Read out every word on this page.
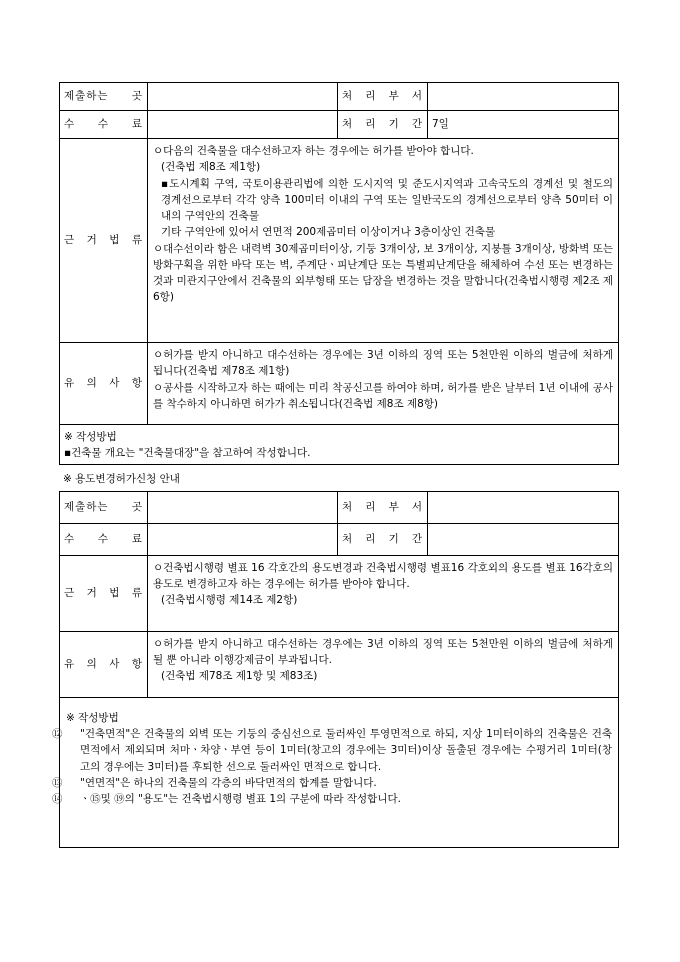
제출하는 곳		처 리 부 서	
수 수 료		처 리 기 간	7일
근 거 법 류	ㅇ다음의 건축물을 대수선하고자 하는 경우에는 허가를 받아야 합니다.

(건축법 제8조 제1항)

▪도시계획 구역, 국토이용관리법에 의한 도시지역 및 준도시지역과 고속국도의 경계선 및 철도의 경계선으로부터 각각 양측 100미터 이내의 구역 또는 일반국도의 경계선으로부터 양측 50미터 이내의 구역안의 건축물

기타 구역안에 있어서 연면적 200제곱미터 이상이거나 3층이상인 건축물

ㅇ대수선이라 함은 내력벽 30제곱미터이상, 기둥 3개이상, 보 3개이상, 지붕틀 3개이상, 방화벽 또는 방화구획을 위한 바닥 또는 벽, 주계단ㆍ피난계단 또는 특별피난계단을 해체하여 수선 또는 변경하는 것과 미관지구안에서 건축물의 외부형태 또는 담장을 변경하는 것을 말합니다(건축법시행령 제2조 제6항)		

유 의 사 항	ㅇ허가를 받지 아니하고 대수선하는 경우에는 3년 이하의 징역 또는 5천만원 이하의 벌금에 처하게 됩니다(건축법 제78조 제1항)

ㅇ공사를 시작하고자 하는 때에는 미리 착공신고를 하여야 하며, 허가를 받은 날부터 1년 이내에 공사를 착수하지 아니하면 허가가 취소됩니다(건축법 제8조 제8항)		

※ 작성방법
▪건축물 개요는 "건축물대장"을 참고하여 작성합니다.
※ 용도변경허가신청 안내
제출하는 곳		처 리 부 서	
수 수 료		처 리 기 간	
근 거 법 류	ㅇ건축법시행령 별표 16 각호간의 용도변경과 건축법시행령 별표16 각호외의 용도를 별표 16각호의 용도로 변경하고자 하는 경우에는 허가를 받아야 합니다.

(건축법시행령 제14조 제2항)		

유 의 사 항	ㅇ허가를 받지 아니하고 대수선하는 경우에는 3년 이하의 징역 또는 5천만원 이하의 벌금에 처하게 될 뿐 아니라 이행강제금이 부과됩니다.

(건축법 제78조 제1항 및 제83조)		

※ 작성방법

⑫ "건축면적"은 건축물의 외벽 또는 기둥의 중심선으로 둘러싸인 투영면적으로 하되, 지상 1미터이하의 건축물은 건축면적에서 제외되며 처마ㆍ차양ㆍ부연 등이 1미터(창고의 경우에는 3미터)이상 돌출된 경우에는 수평거리 1미터(창고의 경우에는 3미터)를 후퇴한 선으로 둘러싸인 면적으로 합니다.

⑬ "연면적"은 하나의 건축물의 각층의 바닥면적의 합계를 말합니다.

⑭ ㆍ⑮및 ⑲의 "용도"는 건축법시행령 별표 1의 구분에 따라 작성합니다.
